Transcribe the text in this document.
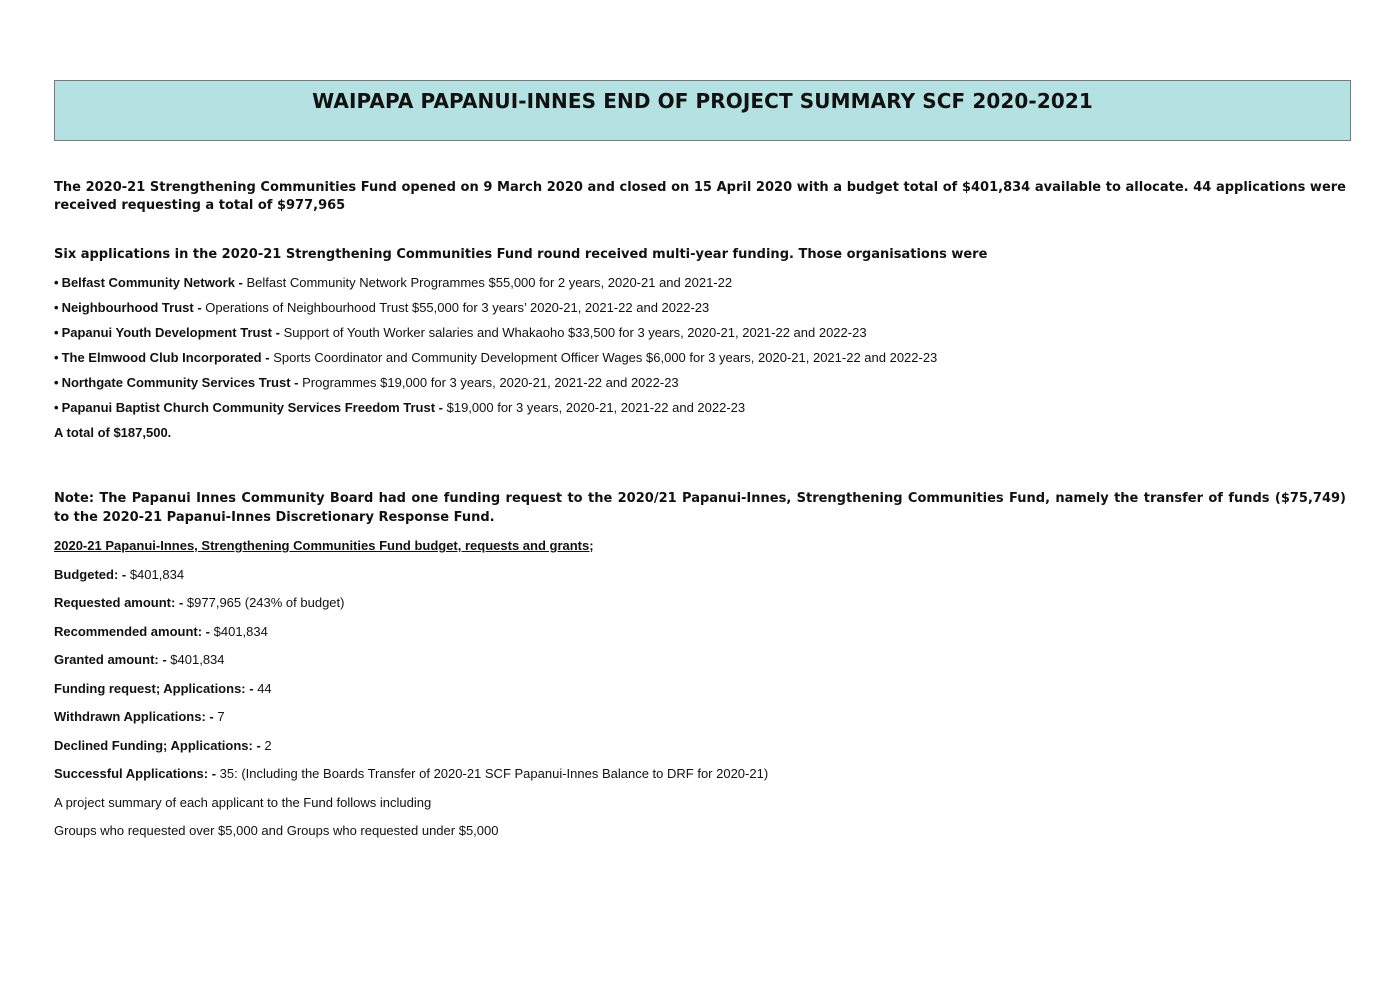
WAIPAPA PAPANUI-INNES END OF PROJECT SUMMARY SCF 2020-2021
The 2020-21 Strengthening Communities Fund opened on 9 March 2020 and closed on 15 April 2020 with a budget total of $401,834 available to allocate. 44 applications were received requesting a total of $977,965
Six applications in the 2020-21 Strengthening Communities Fund round received multi-year funding. Those organisations were
• Belfast Community Network - Belfast Community Network Programmes $55,000 for 2 years, 2020-21 and 2021-22
• Neighbourhood Trust - Operations of Neighbourhood Trust $55,000 for 3 years’ 2020-21, 2021-22 and 2022-23
• Papanui Youth Development Trust - Support of Youth Worker salaries and Whakaoho $33,500 for 3 years, 2020-21, 2021-22 and 2022-23
• The Elmwood Club Incorporated - Sports Coordinator and Community Development Officer Wages $6,000 for 3 years, 2020-21, 2021-22 and 2022-23
• Northgate Community Services Trust - Programmes $19,000 for 3 years, 2020-21, 2021-22 and 2022-23
• Papanui Baptist Church Community Services Freedom Trust - $19,000 for 3 years, 2020-21, 2021-22 and 2022-23
A total of $187,500.
Note: The Papanui Innes Community Board had one funding request to the 2020/21 Papanui-Innes, Strengthening Communities Fund, namely the transfer of funds ($75,749) to the 2020-21 Papanui-Innes Discretionary Response Fund.
2020-21 Papanui-Innes, Strengthening Communities Fund budget, requests and grants;
Budgeted: - $401,834
Requested amount: - $977,965 (243% of budget)
Recommended amount: - $401,834
Granted amount: - $401,834
Funding request; Applications: - 44
Withdrawn Applications: - 7
Declined Funding; Applications: - 2
Successful Applications: - 35: (Including the Boards Transfer of 2020-21 SCF Papanui-Innes Balance to DRF for 2020-21)
A project summary of each applicant to the Fund follows including
Groups who requested over $5,000 and Groups who requested under $5,000
